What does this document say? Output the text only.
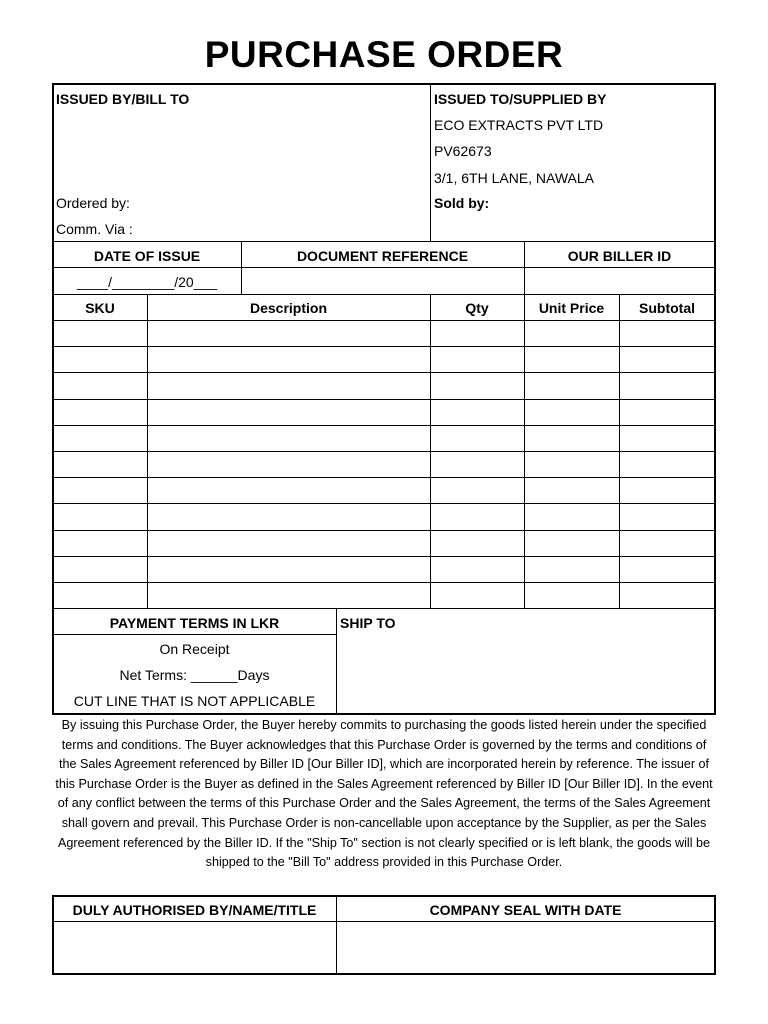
PURCHASE ORDER
ISSUED BY/BILL TO
Ordered by:
Comm. Via :
ISSUED TO/SUPPLIED BY
ECO EXTRACTS PVT LTD
PV62673
3/1, 6TH LANE, NAWALA
Sold by:
DATE OF ISSUE	DOCUMENT REFERENCE	OUR BILLER ID
____/________/20___
SKU	Description	Qty	Unit Price	Subtotal
PAYMENT TERMS IN LKR
On Receipt
Net Terms: ______Days
CUT LINE THAT IS NOT APPLICABLE
SHIP TO
By issuing this Purchase Order, the Buyer hereby commits to purchasing the goods listed herein under the specified terms and conditions. The Buyer acknowledges that this Purchase Order is governed by the terms and conditions of the Sales Agreement referenced by Biller ID [Our Biller ID], which are incorporated herein by reference. The issuer of this Purchase Order is the Buyer as defined in the Sales Agreement referenced by Biller ID [Our Biller ID]. In the event of any conflict between the terms of this Purchase Order and the Sales Agreement, the terms of the Sales Agreement shall govern and prevail. This Purchase Order is non-cancellable upon acceptance by the Supplier, as per the Sales Agreement referenced by the Biller ID. If the "Ship To" section is not clearly specified or is left blank, the goods will be shipped to the "Bill To" address provided in this Purchase Order.
DULY AUTHORISED BY/NAME/TITLE	COMPANY SEAL WITH DATE
